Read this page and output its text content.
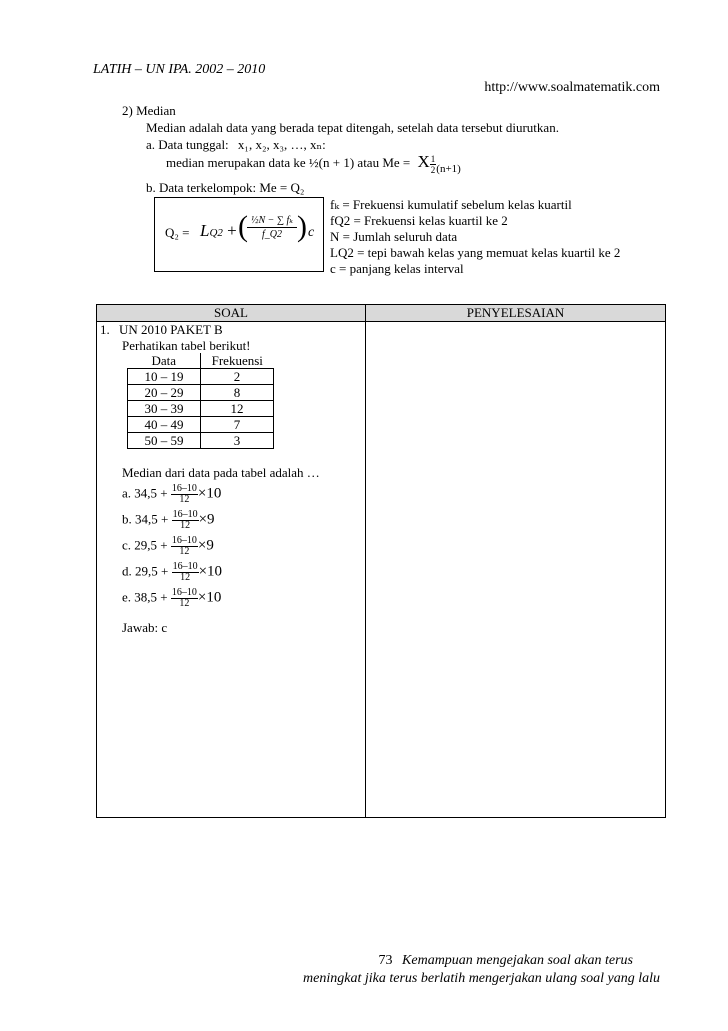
LATIH – UN IPA. 2002 – 2010
http://www.soalmatematik.com
2) Median
Median adalah data yang berada tepat ditengah, setelah data tersebut diurutkan.
a. Data tunggal: x₁, x₂, x₃, …, xₙ:
median merupakan data ke ½(n + 1) atau Me = X $\frac{1}{2} _{(n+1)}$
b. Data terkelompok: Me = Q₂
Q₂ = LQ2 + ( $\frac{\text{½N − ∑ fₖ}}{f\_Q2}$ ) c
fₖ = Frekuensi kumulatif sebelum kelas kuartil
fQ2 = Frekuensi kelas kuartil ke 2
N = Jumlah seluruh data
LQ2 = tepi bawah kelas yang memuat kelas kuartil ke 2
c = panjang kelas interval
SOAL	PENYELESAIAN

1. UN 2010 PAKET B
Perhatikan tabel berikut!
Data	Frekuensi
10 – 19	2
20 – 29	8
30 – 39	12
40 – 49	7
50 – 59	3
Median dari data pada tabel adalah …
a. $34,5 + \frac{16-10}{12} \times 10$
b. $34,5 + \frac{16-10}{12} \times 9$
c. $29,5 + \frac{16-10}{12} \times 9$
d. $29,5 + \frac{16-10}{12} \times 10$
e. $38,5 + \frac{16-10}{12} \times 10$
Jawab: c
73 Kemampuan mengejakan soal akan terus
meningkat jika terus berlatih mengerjakan ulang soal yang lalu
